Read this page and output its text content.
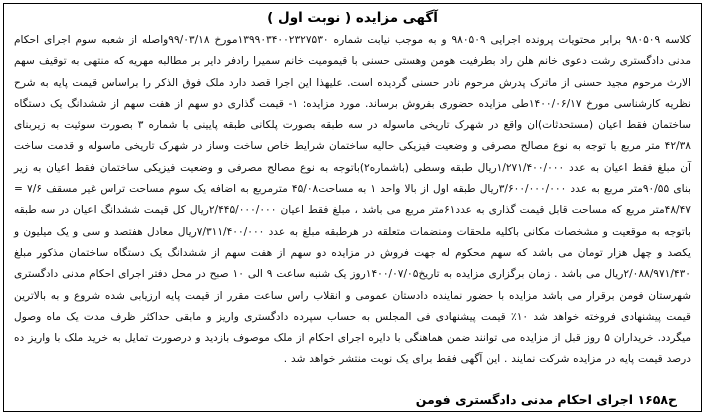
آگهی مزایده ( نوبت اول )
کلاسه ۹۸۰۵۰۹ برابر محتویات پرونده اجرایی ۹۸۰۵۰۹ و به موجب نیابت شماره ۱۳۹۹۰۳۴۰۰۲۳۲۷۵۳۰مورخ ۹۹/۰۳/۱۸واصله از شعبه سوم اجرای احکام مدنی دادگستری رشت دعوی خانم هلن راد بطرفیت هومن وهستی حسنی با قیمومیت خانم سمیرا رادفر دایر بر مطالبه مهریه که منتهی به توقیف سهم الارث مرحوم مجید حسنی از ماترک پدرش مرحوم نادر حسنی گردیده است. علیهذا این اجرا قصد دارد ملک فوق الذکر را براساس قیمت پایه به شرح نظریه کارشناسی مورخ ۱۴۰۰/۰۶/۱۷طی مزایده حضوری بفروش برساند. مورد مزایده: ۱- قیمت گذاری دو سهم از هفت سهم از ششدانگ یک دستگاه ساختمان فقط اعیان (مستحدثات)ان واقع در شهرک تاریخی ماسوله در سه طبقه بصورت پلکانی طبقه پایینی با شماره ۳ بصورت سوئیت به زیربنای ۴۲/۳۸ متر مربع با توجه به نوع مصالح مصرفی و وضعیت فیزیکی حالیه ساختمان شرایط خاص ساخت وساز در شهرک تاریخی ماسوله و قدمت ساخت آن مبلغ فقط اعیان به عدد ۱/۲۷۱/۴۰۰/۰۰۰ریال طبقه وسطی (باشماره۲)باتوجه به نوع مصالح مصرفی و وضعیت فیزیکی ساختمان فقط اعیان به زیر بنای ۹۰/۵۵متر مربع به عدد ۳/۶۰۰/۰۰۰/۰۰۰ریال طبقه اول از بالا واحد ۱ به مساحت۴۵/۰۸ مترمربع به اضافه یک سوم مساحت تراس غیر مسقف ۷/۶ = ۴۸/۴۷متر مربع که مساحت قابل قیمت گذاری به عدد۶۱متر مربع می باشد ، مبلغ فقط اعیان ۲/۴۴۵/۰۰۰/۰۰۰ریال کل قیمت ششدانگ اعیان در سه طبقه باتوجه به موقعیت و مشخصات مکانی باکلیه ملحقات ومنضمات متعلقه در هرطبقه مبلغ به عدد ۷/۳۱۱/۴۰۰/۰۰۰ریال معادل هفتصد و سی و یک میلیون و یکصد و چهل هزار تومان می باشد که سهم محکوم له جهت فروش در مزایده دو سهم از هفت سهم از ششدانگ یک دستگاه ساختمان مذکور مبلغ ۲/۰۸۸/۹۷۱/۴۳۰ریال می باشد . زمان برگزاری مزایده به تاریخ۱۴۰۰/۰۷/۰۵روز یک شنبه ساعت ۹ الی ۱۰ صبح در محل دفتر اجرای احکام مدنی دادگستری شهرستان فومن برقرار می باشد مزایده با حضور نماینده دادستان عمومی و انقلاب راس ساعت مقرر از قیمت پایه ارزیابی شده شروع و به بالاترین قیمت پیشنهادی فروخته خواهد شد ۱۰٪ قیمت پیشنهادی فی المجلس به حساب سپرده دادگستری واریز و مابقی حداکثر ظرف مدت یک ماه وصول میگردد. خریداران ۵ روز قبل از مزایده می توانند ضمن هماهنگی با دایره اجرای احکام از ملک موصوف بازدید و درصورت تمایل به خرید ملک با واریز ده درصد قیمت پایه در مزایده شرکت نمایند . این آگهی فقط برای یک نوبت منتشر خواهد شد .
ح۱۶۵۸ اجرای احکام مدنی دادگستری فومن
